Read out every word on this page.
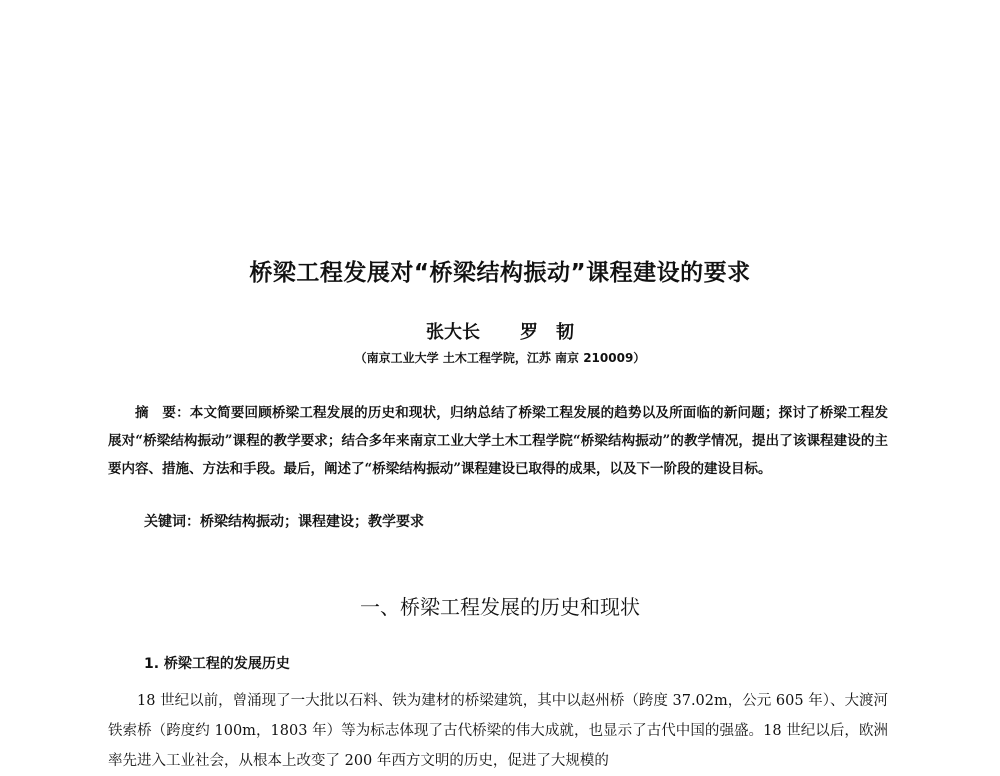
桥梁工程发展对“桥梁结构振动”课程建设的要求
张大长 罗　韧
（南京工业大学 土木工程学院，江苏 南京 210009）
摘　要：本文简要回顾桥梁工程发展的历史和现状，归纳总结了桥梁工程发展的趋势以及所面临的新问题；探讨了桥梁工程发展对“桥梁结构振动”课程的教学要求；结合多年来南京工业大学土木工程学院“桥梁结构振动”的教学情况，提出了该课程建设的主要内容、措施、方法和手段。最后，阐述了“桥梁结构振动”课程建设已取得的成果，以及下一阶段的建设目标。
关键词：桥梁结构振动；课程建设；教学要求
一、桥梁工程发展的历史和现状
1. 桥梁工程的发展历史
18 世纪以前，曾涌现了一大批以石料、铁为建材的桥梁建筑，其中以赵州桥（跨度 37.02m，公元 605 年）、大渡河铁索桥（跨度约 100m，1803 年）等为标志体现了古代桥梁的伟大成就，也显示了古代中国的强盛。18 世纪以后，欧洲率先进入工业社会，从根本上改变了 200 年西方文明的历史，促进了大规模的
